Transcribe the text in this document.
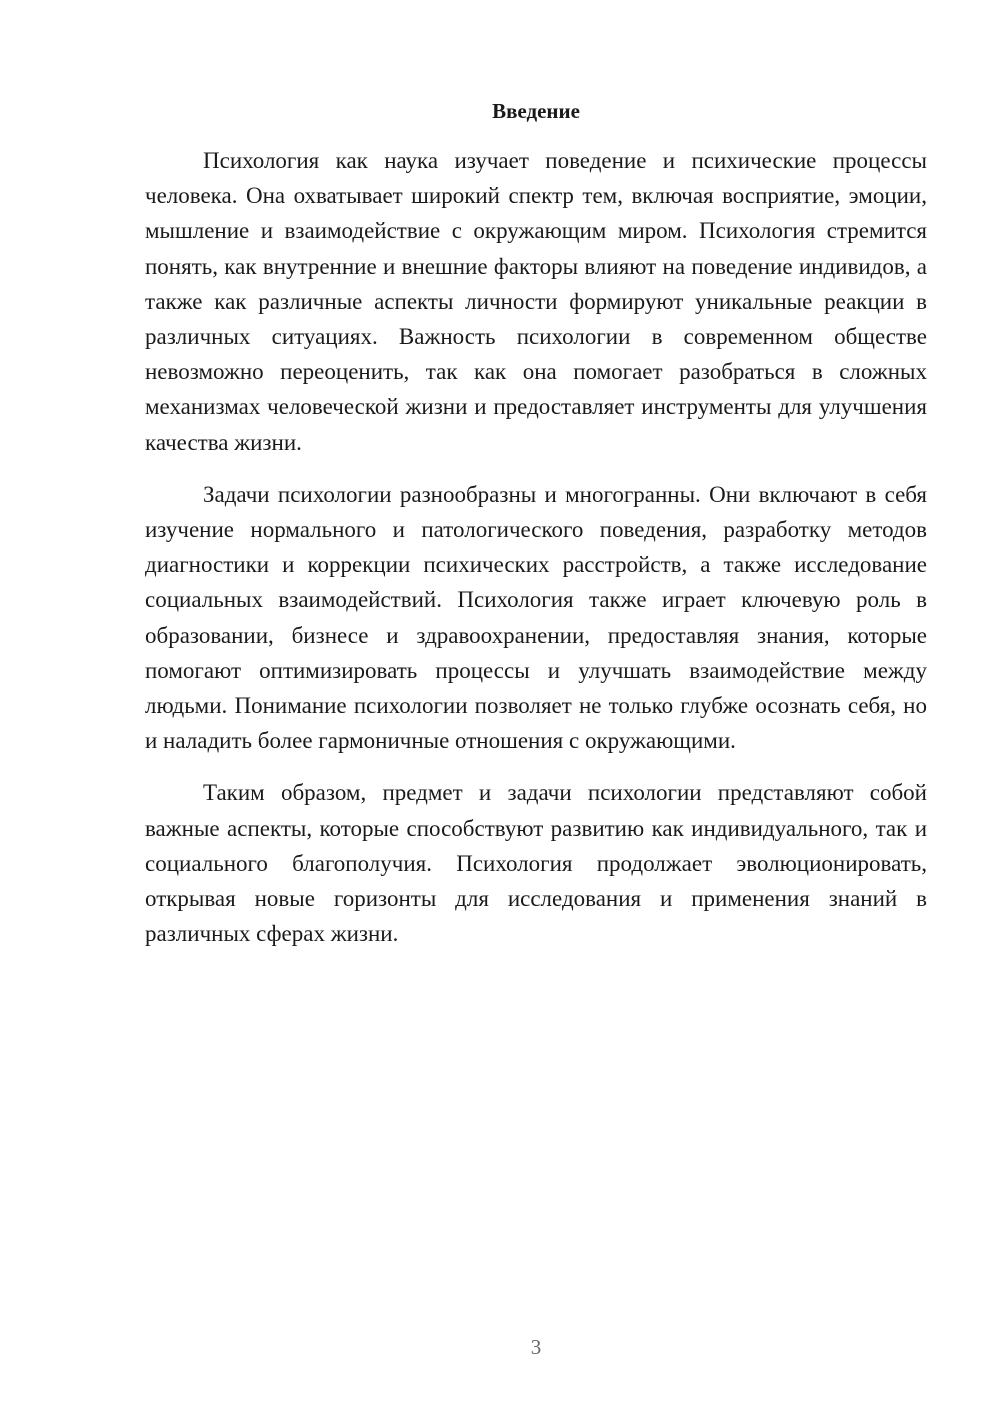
Введение

Психология как наука изучает поведение и психические процессы человека. Она охватывает широкий спектр тем, включая восприятие, эмоции, мышление и взаимодействие с окружающим миром. Психология стремится понять, как внутренние и внешние факторы влияют на поведение индивидов, а также как различные аспекты личности формируют уникальные реакции в различных ситуациях. Важность психологии в современном обществе невозможно переоценить, так как она помогает разобраться в сложных механизмах человеческой жизни и предоставляет инструменты для улучшения качества жизни.

Задачи психологии разнообразны и многогранны. Они включают в себя изучение нормального и патологического поведения, разработку методов диагностики и коррекции психических расстройств, а также исследование социальных взаимодействий. Психология также играет ключевую роль в образовании, бизнесе и здравоохранении, предоставляя знания, которые помогают оптимизировать процессы и улучшать взаимодействие между людьми. Понимание психологии позволяет не только глубже осознать себя, но и наладить более гармоничные отношения с окружающими.

Таким образом, предмет и задачи психологии представляют собой важные аспекты, которые способствуют развитию как индивидуального, так и социального благополучия. Психология продолжает эволюционировать, открывая новые горизонты для исследования и применения знаний в различных сферах жизни.

3
